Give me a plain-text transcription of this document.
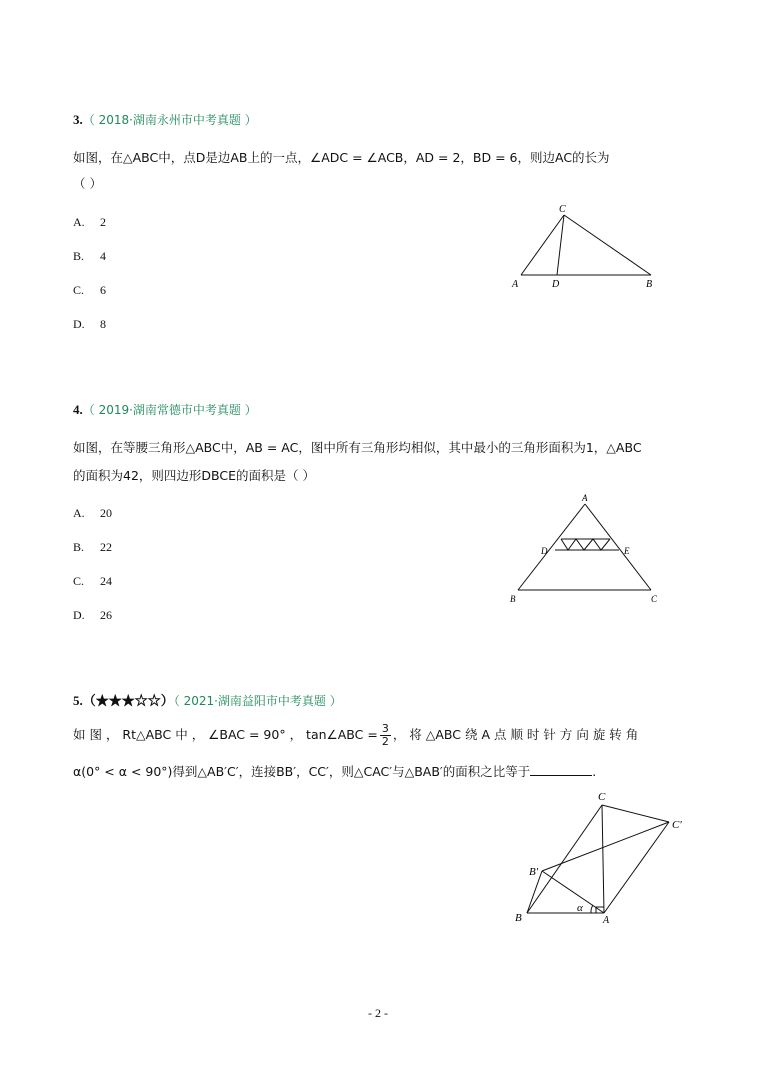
3.（ 2018·湖南永州市中考真题 ）
如图，在△ABC中，点D是边AB上的一点，∠ADC = ∠ACB，AD = 2，BD = 6，则边AC的长为
（ ）
A. 2
B. 4
C. 6
D. 8
C
A	D	B
4.（ 2019·湖南常德市中考真题 ）
如图，在等腰三角形△ABC中，AB = AC，图中所有三角形均相似，其中最小的三角形面积为1，△ABC
的面积为42，则四边形DBCE的面积是（ ）
A. 20
B. 22
C. 24
D. 26
A
D	E
B	C
5.（★★★☆☆）（ 2021·湖南益阳市中考真题 ）
如 图 ， Rt△ABC 中 ， ∠BAC = 90° ， tan∠ABC = $\frac{3}{2}$ ， 将 △ABC 绕 A 点 顺 时 针 方 向 旋 转 角
α(0° < α < 90°)得到△AB′C′，连接BB′，CC′，则△CAC′与△BAB′的面积之比等于	.
C
C′
B′
B	A
α
- 2 -
